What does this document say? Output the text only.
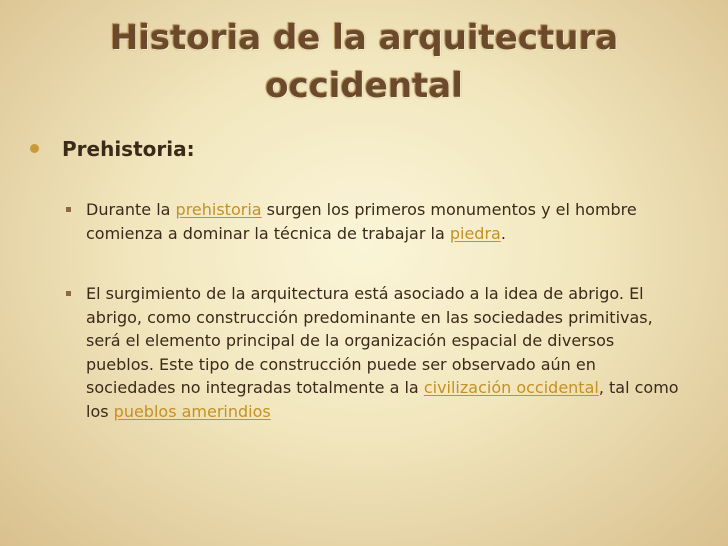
Historia de la arquitectura
occidental
Prehistoria:
Durante la prehistoria surgen los primeros monumentos y el hombre comienza a dominar la técnica de trabajar la piedra.
El surgimiento de la arquitectura está asociado a la idea de abrigo. El abrigo, como construcción predominante en las sociedades primitivas, será el elemento principal de la organización espacial de diversos pueblos. Este tipo de construcción puede ser observado aún en sociedades no integradas totalmente a la civilización occidental, tal como los pueblos amerindios
